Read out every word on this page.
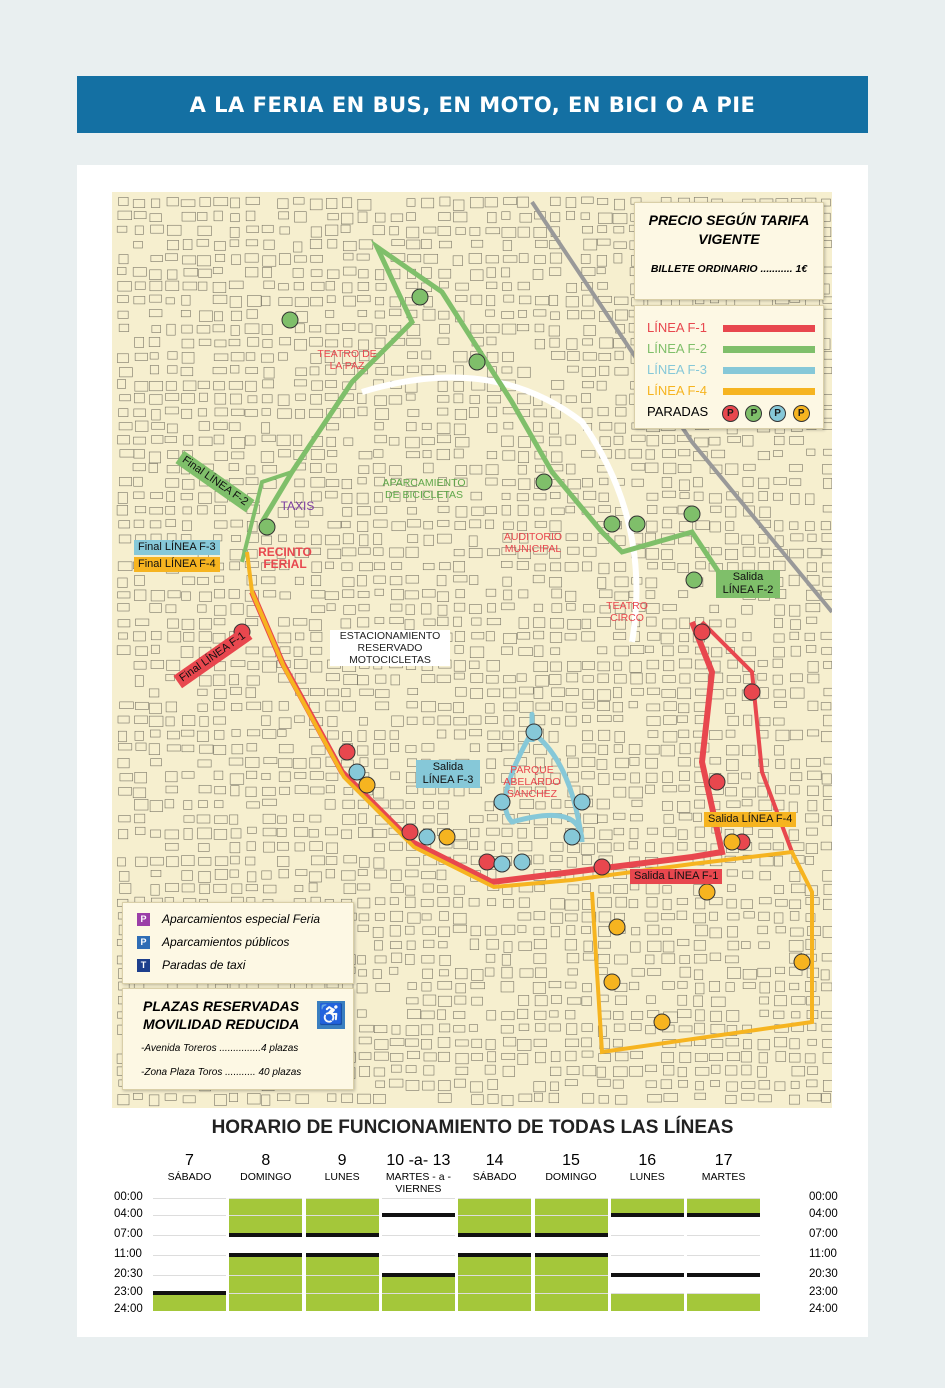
A LA FERIA EN BUS, EN MOTO, EN BICI O A PIE
PRECIO SEGÚN TARIFA VIGENTE
BILLETE ORDINARIO ........... 1€
LÍNEA F-1
LÍNEA F-2
LÍNEA F-3
LÍNEA F-4
PARADAS P P P P
TEATRO DE LA PAZ
APARCAMIENTO DE BICICLETAS
TAXIS
RECINTO FERIAL
AUDITORIO MUNICIPAL
TEATRO CIRCO
ESTACIONAMIENTO RESERVADO MOTOCICLETAS
PARQUE ABELARDO SANCHEZ
Final LÍNEA F-2
Final LÍNEA F-3
Final LÍNEA F-4
Final LÍNEA F-1
Salida LÍNEA F-2
Salida LÍNEA F-3
Salida LÍNEA F-4
Salida LÍNEA F-1
P Aparcamientos especial Feria
P Aparcamientos públicos
T	Paradas de taxi
PLAZAS RESERVADAS MOVILIDAD REDUCIDA ♿
-Avenida Toreros ...............4 plazas
-Zona Plaza Toros ........... 40 plazas
HORARIO DE FUNCIONAMIENTO DE TODAS LAS LÍNEAS
00:00	00:00
04:00	04:00
07:00	07:00
11:00	11:00
20:30	20:30
23:00	23:00
24:00	24:00
7
SÁBADO
8
DOMINGO
9
LUNES
10 -a- 13
MARTES - a - VIERNES
14
SÁBADO
15
DOMINGO
16
LUNES
17
MARTES
